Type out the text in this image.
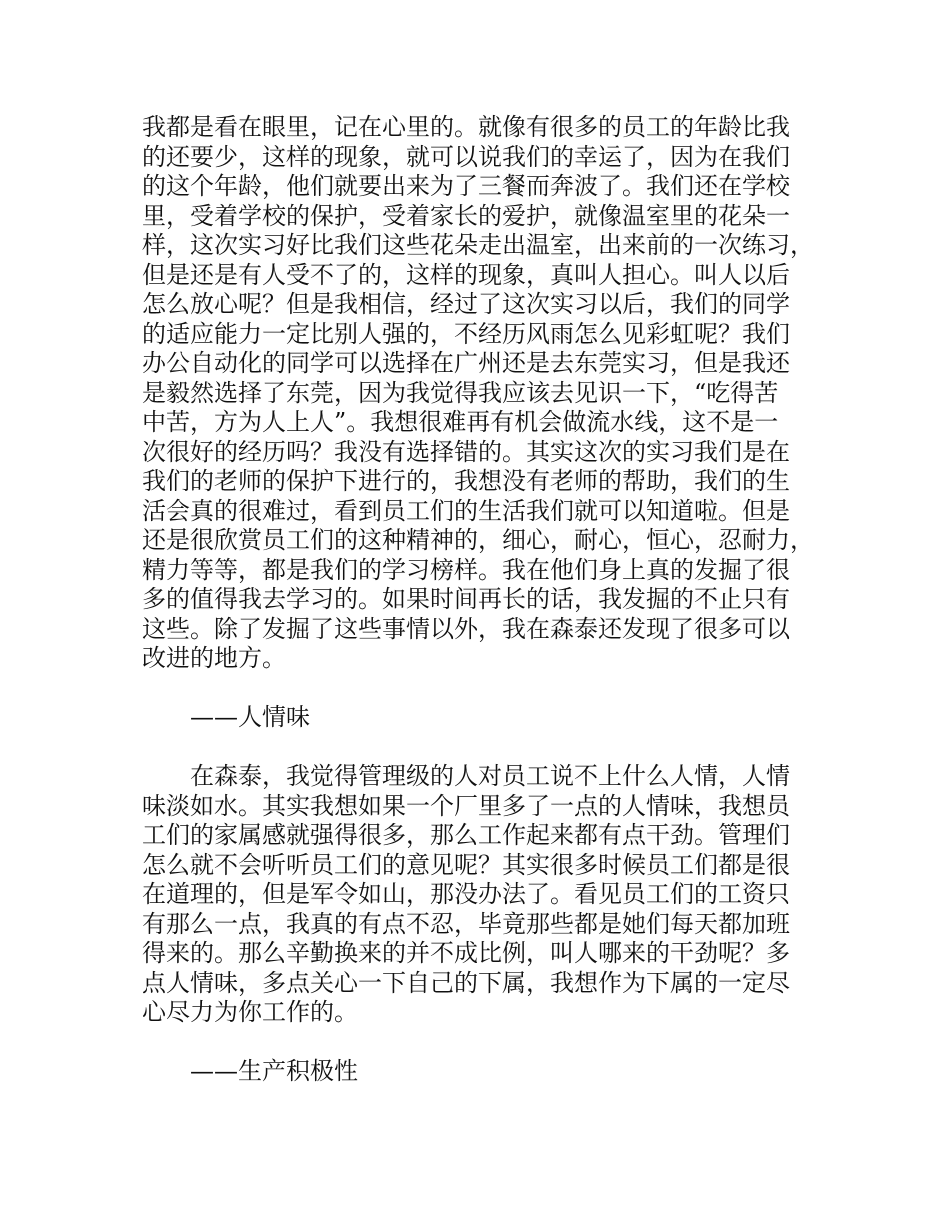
我都是看在眼里，记在心里的。就像有很多的员工的年龄比我
的还要少，这样的现象，就可以说我们的幸运了，因为在我们
的这个年龄，他们就要出来为了三餐而奔波了。我们还在学校
里，受着学校的保护，受着家长的爱护，就像温室里的花朵一
样，这次实习好比我们这些花朵走出温室，出来前的一次练习，
但是还是有人受不了的，这样的现象，真叫人担心。叫人以后
怎么放心呢？但是我相信，经过了这次实习以后，我们的同学
的适应能力一定比别人强的，不经历风雨怎么见彩虹呢？我们
办公自动化的同学可以选择在广州还是去东莞实习，但是我还
是毅然选择了东莞，因为我觉得我应该去见识一下，“吃得苦
中苦，方为人上人”。我想很难再有机会做流水线，这不是一
次很好的经历吗？我没有选择错的。其实这次的实习我们是在
我们的老师的保护下进行的，我想没有老师的帮助，我们的生
活会真的很难过，看到员工们的生活我们就可以知道啦。但是
还是很欣赏员工们的这种精神的，细心，耐心，恒心，忍耐力，
精力等等，都是我们的学习榜样。我在他们身上真的发掘了很
多的值得我去学习的。如果时间再长的话，我发掘的不止只有
这些。除了发掘了这些事情以外，我在森泰还发现了很多可以
改进的地方。

——人情味

在森泰，我觉得管理级的人对员工说不上什么人情，人情
味淡如水。其实我想如果一个厂里多了一点的人情味，我想员
工们的家属感就强得很多，那么工作起来都有点干劲。管理们
怎么就不会听听员工们的意见呢？其实很多时候员工们都是很
在道理的，但是军令如山，那没办法了。看见员工们的工资只
有那么一点，我真的有点不忍，毕竟那些都是她们每天都加班
得来的。那么辛勤换来的并不成比例，叫人哪来的干劲呢？多
点人情味，多点关心一下自己的下属，我想作为下属的一定尽
心尽力为你工作的。

——生产积极性
